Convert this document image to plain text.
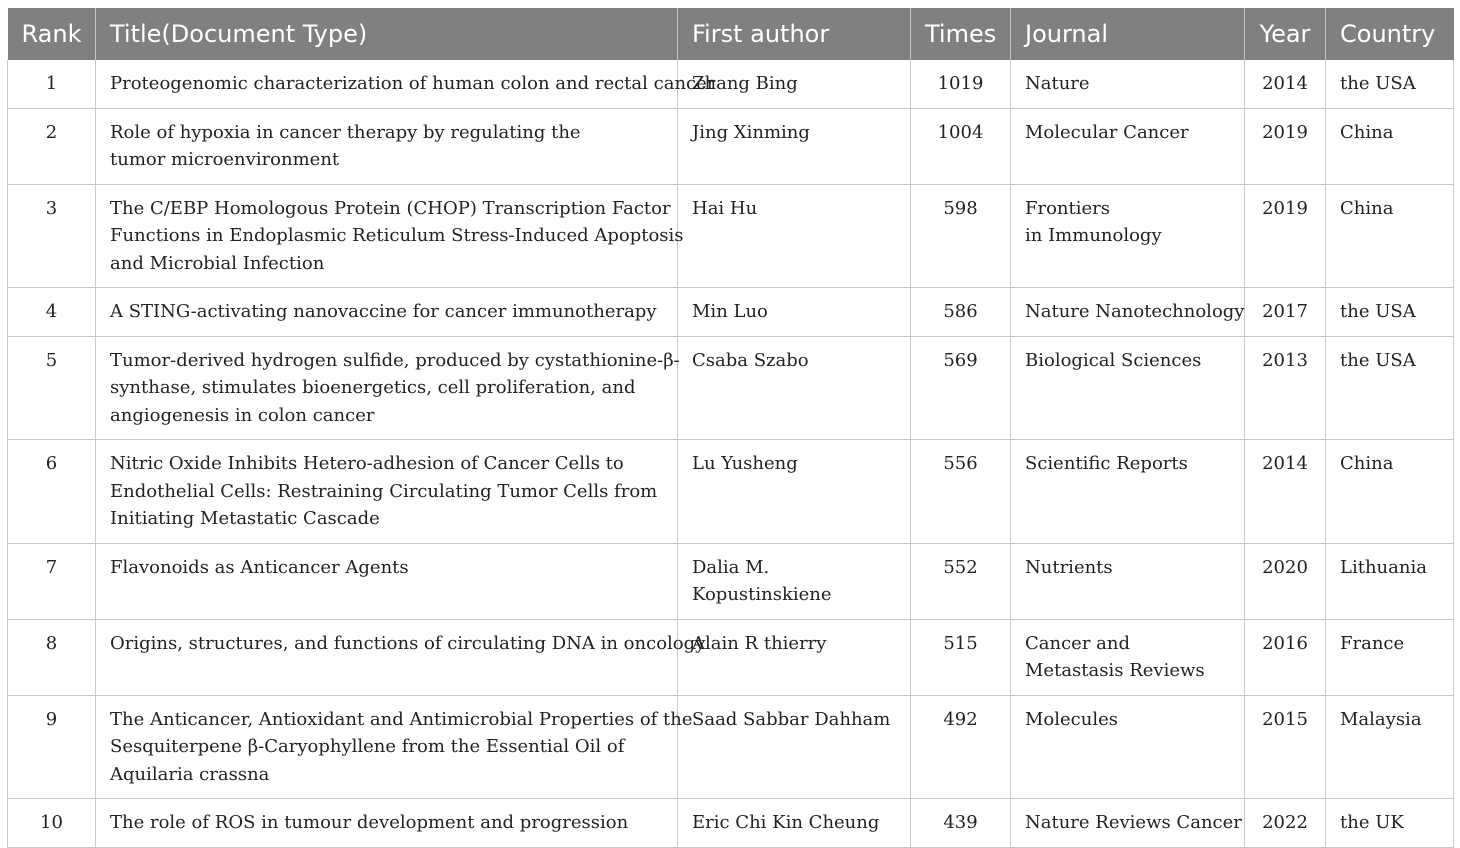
Rank	Title(Document Type)	First author	Times	Journal	Year	Country
1	Proteogenomic characterization of human colon and rectal cancer	Zhang Bing	1019	Nature	2014	the USA
2	Role of hypoxia in cancer therapy by regulating the
tumor microenvironment	Jing Xinming	1004	Molecular Cancer	2019	China
3	The C/EBP Homologous Protein (CHOP) Transcription Factor
Functions in Endoplasmic Reticulum Stress-Induced Apoptosis
and Microbial Infection	Hai Hu	598	Frontiers
in Immunology	2019	China
4	A STING-activating nanovaccine for cancer immunotherapy	Min Luo	586	Nature Nanotechnology	2017	the USA
5	Tumor-derived hydrogen sulfide, produced by cystathionine-β-
synthase, stimulates bioenergetics, cell proliferation, and
angiogenesis in colon cancer	Csaba Szabo	569	Biological Sciences	2013	the USA
6	Nitric Oxide Inhibits Hetero-adhesion of Cancer Cells to
Endothelial Cells: Restraining Circulating Tumor Cells from
Initiating Metastatic Cascade	Lu Yusheng	556	Scientific Reports	2014	China
7	Flavonoids as Anticancer Agents	Dalia M. Kopustinskiene	552	Nutrients	2020	Lithuania
8	Origins, structures, and functions of circulating DNA in oncology	Alain R thierry	515	Cancer and
Metastasis Reviews	2016	France
9	The Anticancer, Antioxidant and Antimicrobial Properties of the
Sesquiterpene β-Caryophyllene from the Essential Oil of
Aquilaria crassna	Saad Sabbar Dahham	492	Molecules	2015	Malaysia
10	The role of ROS in tumour development and progression	Eric Chi Kin Cheung	439	Nature Reviews Cancer	2022	the UK
